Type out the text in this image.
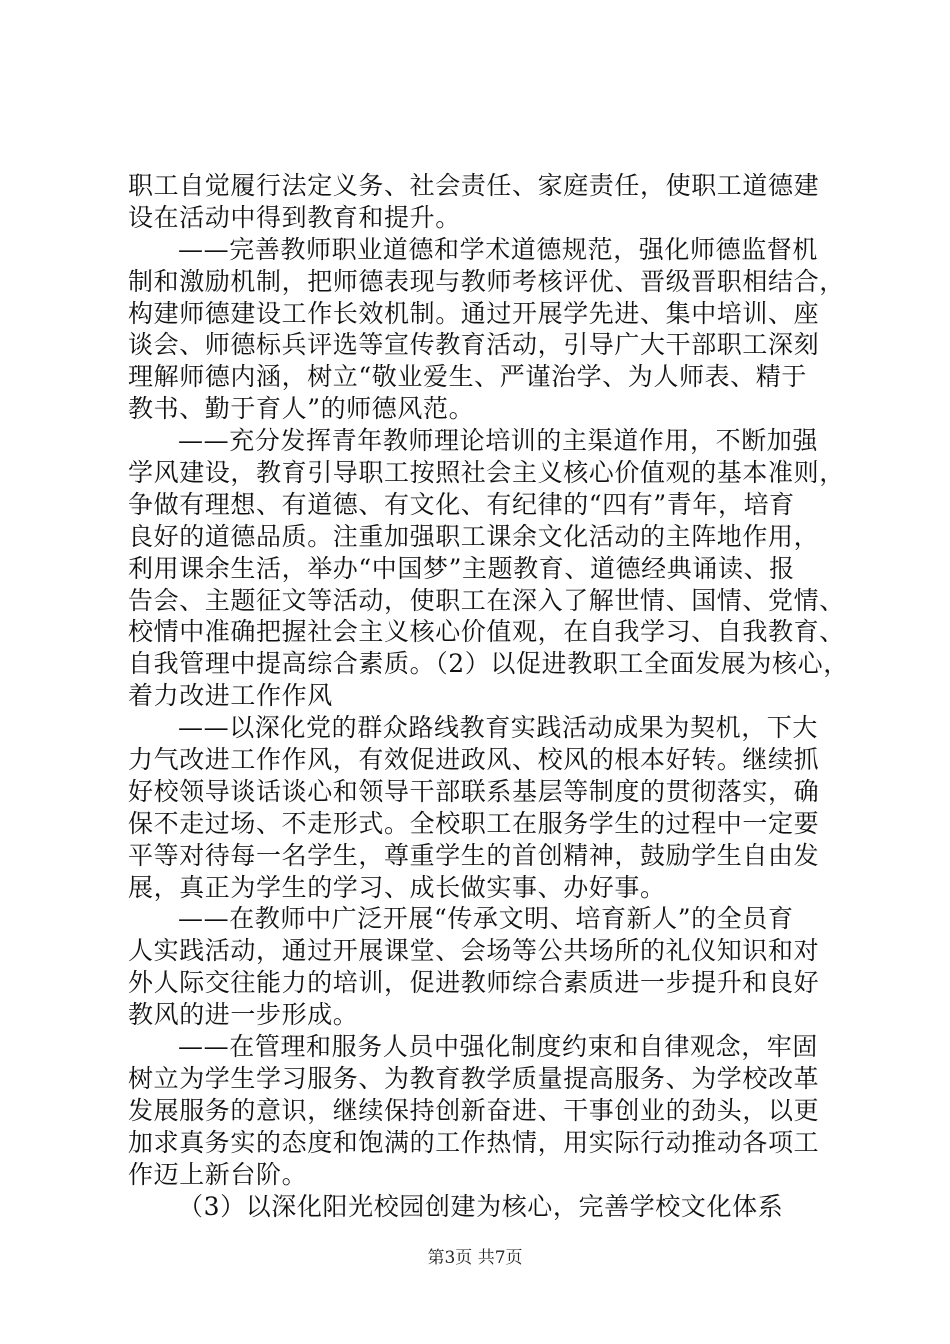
职工自觉履行法定义务、社会责任、家庭责任，使职工道德建
设在活动中得到教育和提升。
——完善教师职业道德和学术道德规范，强化师德监督机
制和激励机制，把师德表现与教师考核评优、晋级晋职相结合，
构建师德建设工作长效机制。通过开展学先进、集中培训、座
谈会、师德标兵评选等宣传教育活动，引导广大干部职工深刻
理解师德内涵，树立“敬业爱生、严谨治学、为人师表、精于
教书、勤于育人”的师德风范。
——充分发挥青年教师理论培训的主渠道作用，不断加强
学风建设，教育引导职工按照社会主义核心价值观的基本准则，
争做有理想、有道德、有文化、有纪律的“四有”青年，培育
良好的道德品质。注重加强职工课余文化活动的主阵地作用，
利用课余生活，举办“中国梦”主题教育、道德经典诵读、报
告会、主题征文等活动，使职工在深入了解世情、国情、党情、
校情中准确把握社会主义核心价值观，在自我学习、自我教育、
自我管理中提高综合素质。（2）以促进教职工全面发展为核心，
着力改进工作作风
——以深化党的群众路线教育实践活动成果为契机，下大
力气改进工作作风，有效促进政风、校风的根本好转。继续抓
好校领导谈话谈心和领导干部联系基层等制度的贯彻落实，确
保不走过场、不走形式。全校职工在服务学生的过程中一定要
平等对待每一名学生，尊重学生的首创精神，鼓励学生自由发
展，真正为学生的学习、成长做实事、办好事。
——在教师中广泛开展“传承文明、培育新人”的全员育
人实践活动，通过开展课堂、会场等公共场所的礼仪知识和对
外人际交往能力的培训，促进教师综合素质进一步提升和良好
教风的进一步形成。
——在管理和服务人员中强化制度约束和自律观念，牢固
树立为学生学习服务、为教育教学质量提高服务、为学校改革
发展服务的意识，继续保持创新奋进、干事创业的劲头，以更
加求真务实的态度和饱满的工作热情，用实际行动推动各项工
作迈上新台阶。
（3）以深化阳光校园创建为核心，完善学校文化体系
第3页 共7页
